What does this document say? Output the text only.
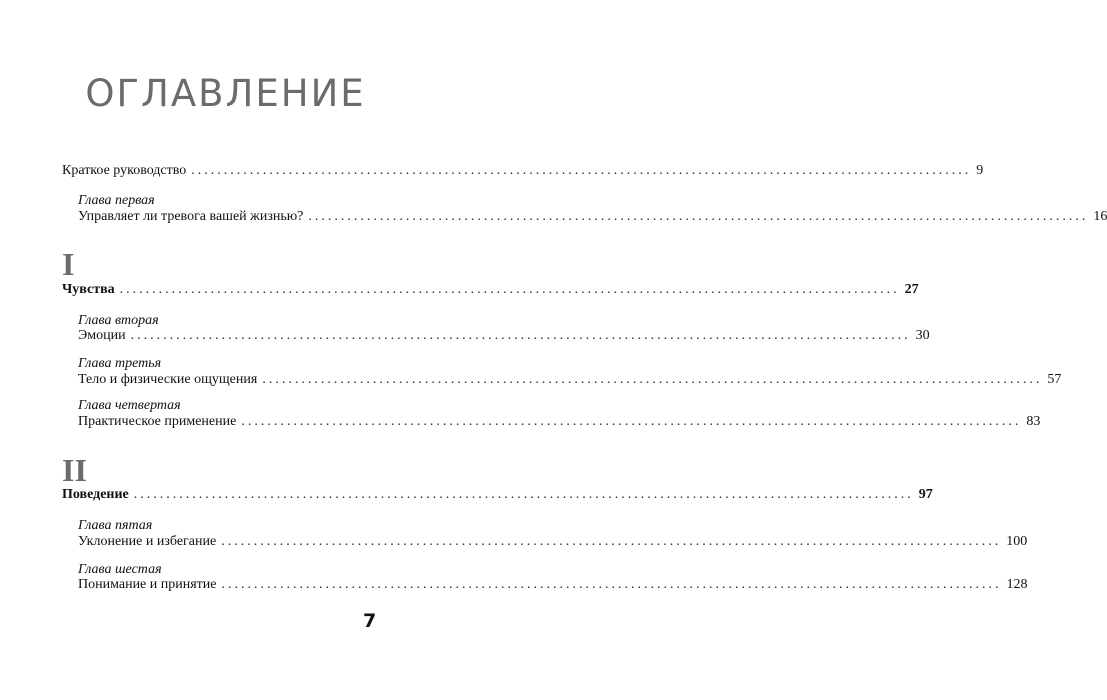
ОГЛАВЛЕНИЕ
Краткое руководство ........................................................................................................................ 9
Глава первая
Управляет ли тревога вашей жизнью? ........................................................................................................................ 16
I
Чувства ........................................................................................................................ 27
Глава вторая
Эмоции ........................................................................................................................ 30
Глава третья
Тело и физические ощущения ........................................................................................................................ 57
Глава четвертая
Практическое применение ........................................................................................................................ 83
II
Поведение ........................................................................................................................ 97
Глава пятая
Уклонение и избегание ........................................................................................................................ 100
Глава шестая
Понимание и принятие ........................................................................................................................ 128
7
